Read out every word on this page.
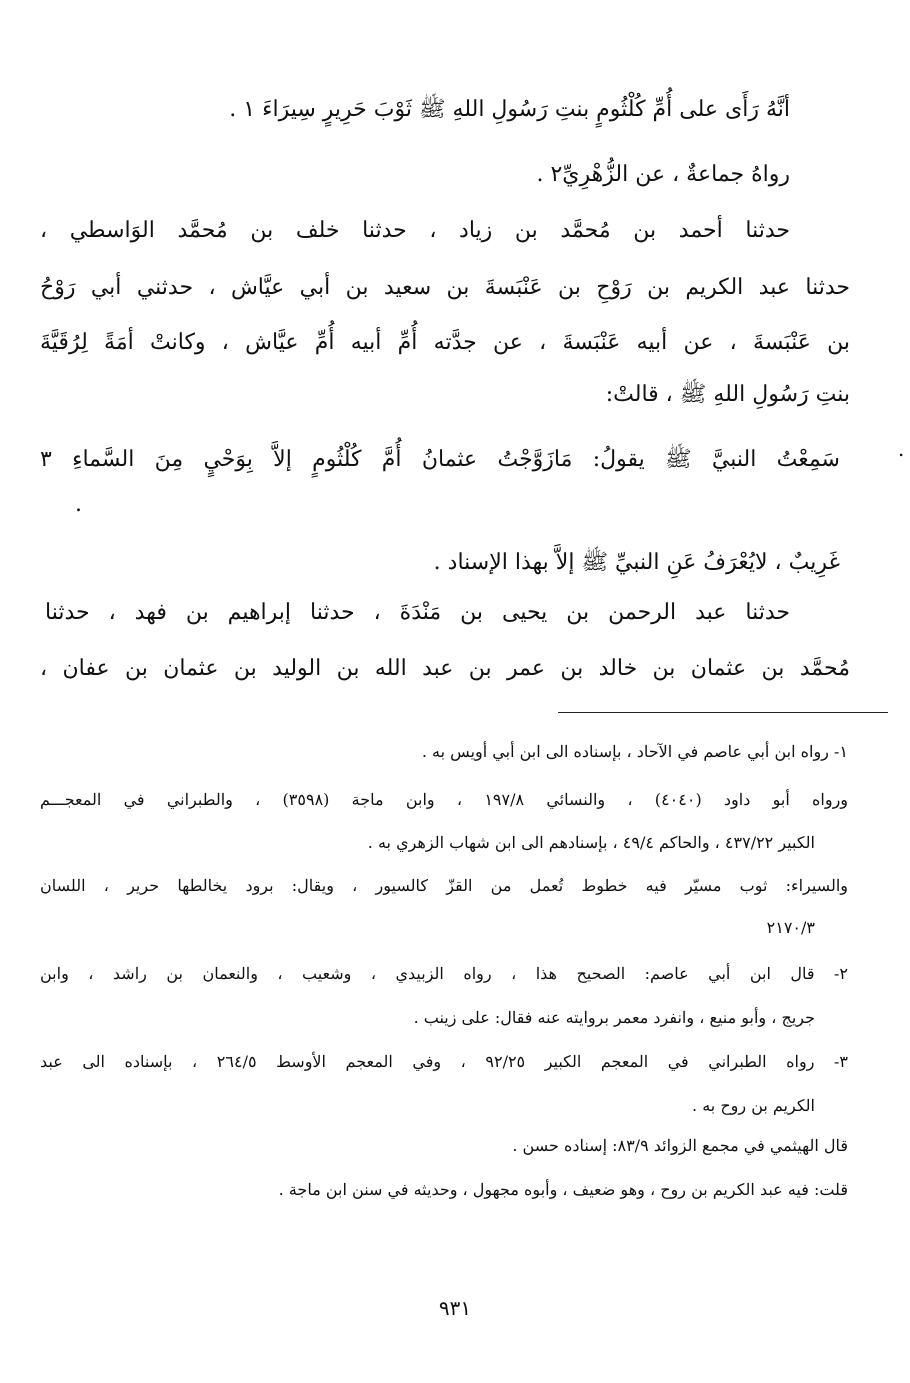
أنَّهُ رَأَى على أُمِّ كُلْثُومٍ بنتِ رَسُولِ اللهِ ﷺ ثَوْبَ حَرِيرٍ سِيرَاءَ ١ .
رواهُ جماعةٌ ، عن الزُّهْرِيِّ٢ .
حدثنا أحمد بن مُحمَّد بن زياد ، حدثنا خلف بن مُحمَّد الوَاسطي ،
حدثنا عبد الكريم بن رَوْحِ بن عَنْبَسةَ بن سعيد بن أبي عيَّاش ، حدثني أبي رَوْحُ
بن عَنْبَسةَ ، عن أبيه عَنْبَسةَ ، عن جدَّته أُمِّ أبيه أُمِّ عيَّاش ، وكانتْ أمَةً لِرُقَيَّةَ
بنتِ رَسُولِ اللهِ ﷺ ، قالتْ:
سَمِعْتُ النبيَّ ﷺ يقولُ: مَازَوَّجْتُ عثمانُ أُمَّ كُلْثُومٍ إلاَّ بِوَحْيٍ مِنَ السَّماءِ ٣
.
غَرِيبٌ ، لايُعْرَفُ عَنِ النبيِّ ﷺ إلاَّ بهذا الإسناد .
حدثنا عبد الرحمن بن يحيى بن مَنْدَةَ ، حدثنا إبراهيم بن فهد ، حدثنا
مُحمَّد بن عثمان بن خالد بن عمر بن عبد الله بن الوليد بن عثمان بن عفان ،
١- رواه ابن أبي عاصم في الآحاد ، بإسناده الى ابن أبي أويس به .
ورواه أبو داود (٤٠٤٠) ، والنسائي ١٩٧/٨ ، وابن ماجة (٣٥٩٨) ، والطبراني في المعجـــم
الكبير ٤٣٧/٢٢ ، والحاكم ٤٩/٤ ، بإسنادهم الى ابن شهاب الزهري به .
والسيراء: ثوب مسيّر فيه خطوط تُعمل من القزّ كالسيور ، ويقال: برود يخالطها حرير ، اللسان
٢١٧٠/٣
٢- قال ابن أبي عاصم: الصحيح هذا ، رواه الزبيدي ، وشعيب ، والنعمان بن راشد ، وابن
جريج ، وأبو منيع ، وانفرد معمر بروايته عنه فقال: على زينب .
٣- رواه الطبراني في المعجم الكبير ٩٢/٢٥ ، وفي المعجم الأوسط ٢٦٤/٥ ، بإسناده الى عبد
الكريم بن روح به .
قال الهيثمي في مجمع الزوائد ٨٣/٩: إسناده حسن .
قلت: فيه عبد الكريم بن روح ، وهو ضعيف ، وأبوه مجهول ، وحديثه في سنن ابن ماجة .
٩٣١
.
